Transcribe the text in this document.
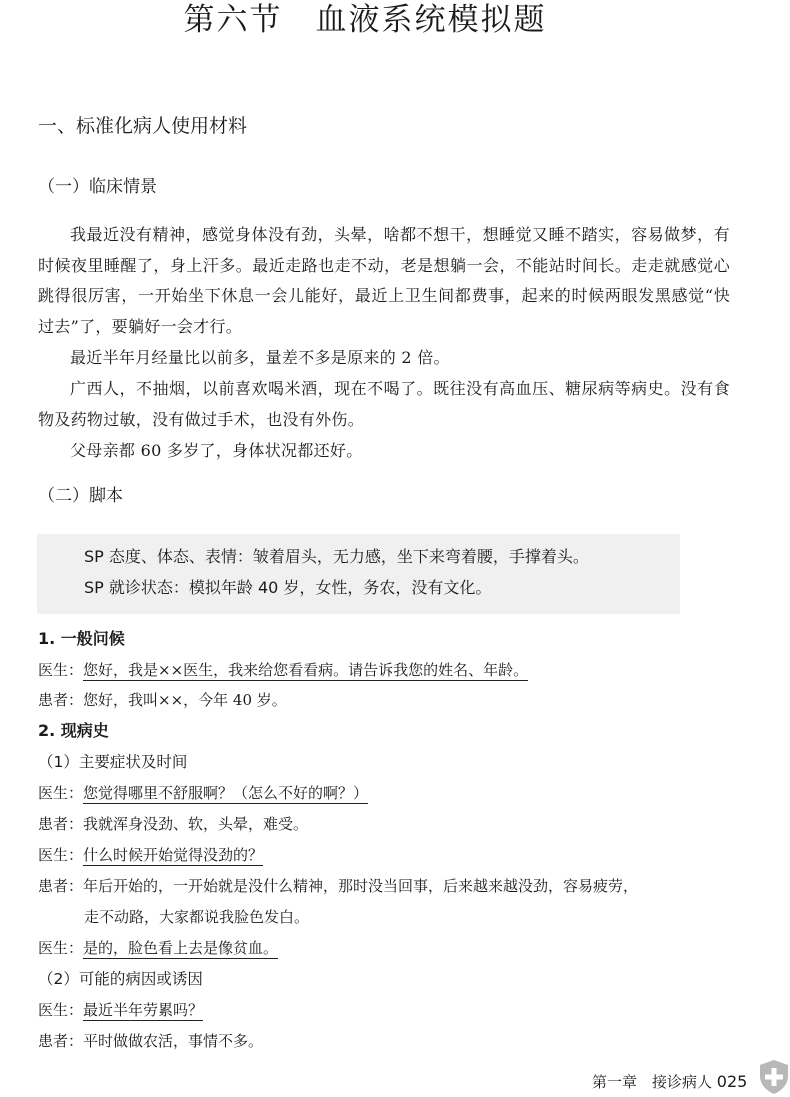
第六节　血液系统模拟题
一、标准化病人使用材料
（一）临床情景

我最近没有精神，感觉身体没有劲，头晕，啥都不想干，想睡觉又睡不踏实，容易做梦，有时候夜里睡醒了，身上汗多。最近走路也走不动，老是想躺一会，不能站时间长。走走就感觉心跳得很厉害，一开始坐下休息一会儿能好，最近上卫生间都费事，起来的时候两眼发黑感觉“快过去”了，要躺好一会才行。

最近半年月经量比以前多，量差不多是原来的 2 倍。

广西人，不抽烟，以前喜欢喝米酒，现在不喝了。既往没有高血压、糖尿病等病史。没有食物及药物过敏，没有做过手术，也没有外伤。

父母亲都 60 多岁了，身体状况都还好。

（二）脚本
SP 态度、体态、表情：皱着眉头，无力感，坐下来弯着腰，手撑着头。
SP 就诊状态：模拟年龄 40 岁，女性，务农，没有文化。
1. 一般问候
医生：您好，我是××医生，我来给您看看病。请告诉我您的姓名、年龄。
患者：您好，我叫××，今年 40 岁。
2. 现病史
（1）主要症状及时间
医生：您觉得哪里不舒服啊？（怎么不好的啊？）
患者：我就浑身没劲、软，头晕，难受。
医生：什么时候开始觉得没劲的？
患者：年后开始的，一开始就是没什么精神，那时没当回事，后来越来越没劲，容易疲劳，
走不动路，大家都说我脸色发白。
医生：是的，脸色看上去是像贫血。
（2）可能的病因或诱因
医生：最近半年劳累吗？
患者：平时做做农活，事情不多。
第一章　接诊病人 025
